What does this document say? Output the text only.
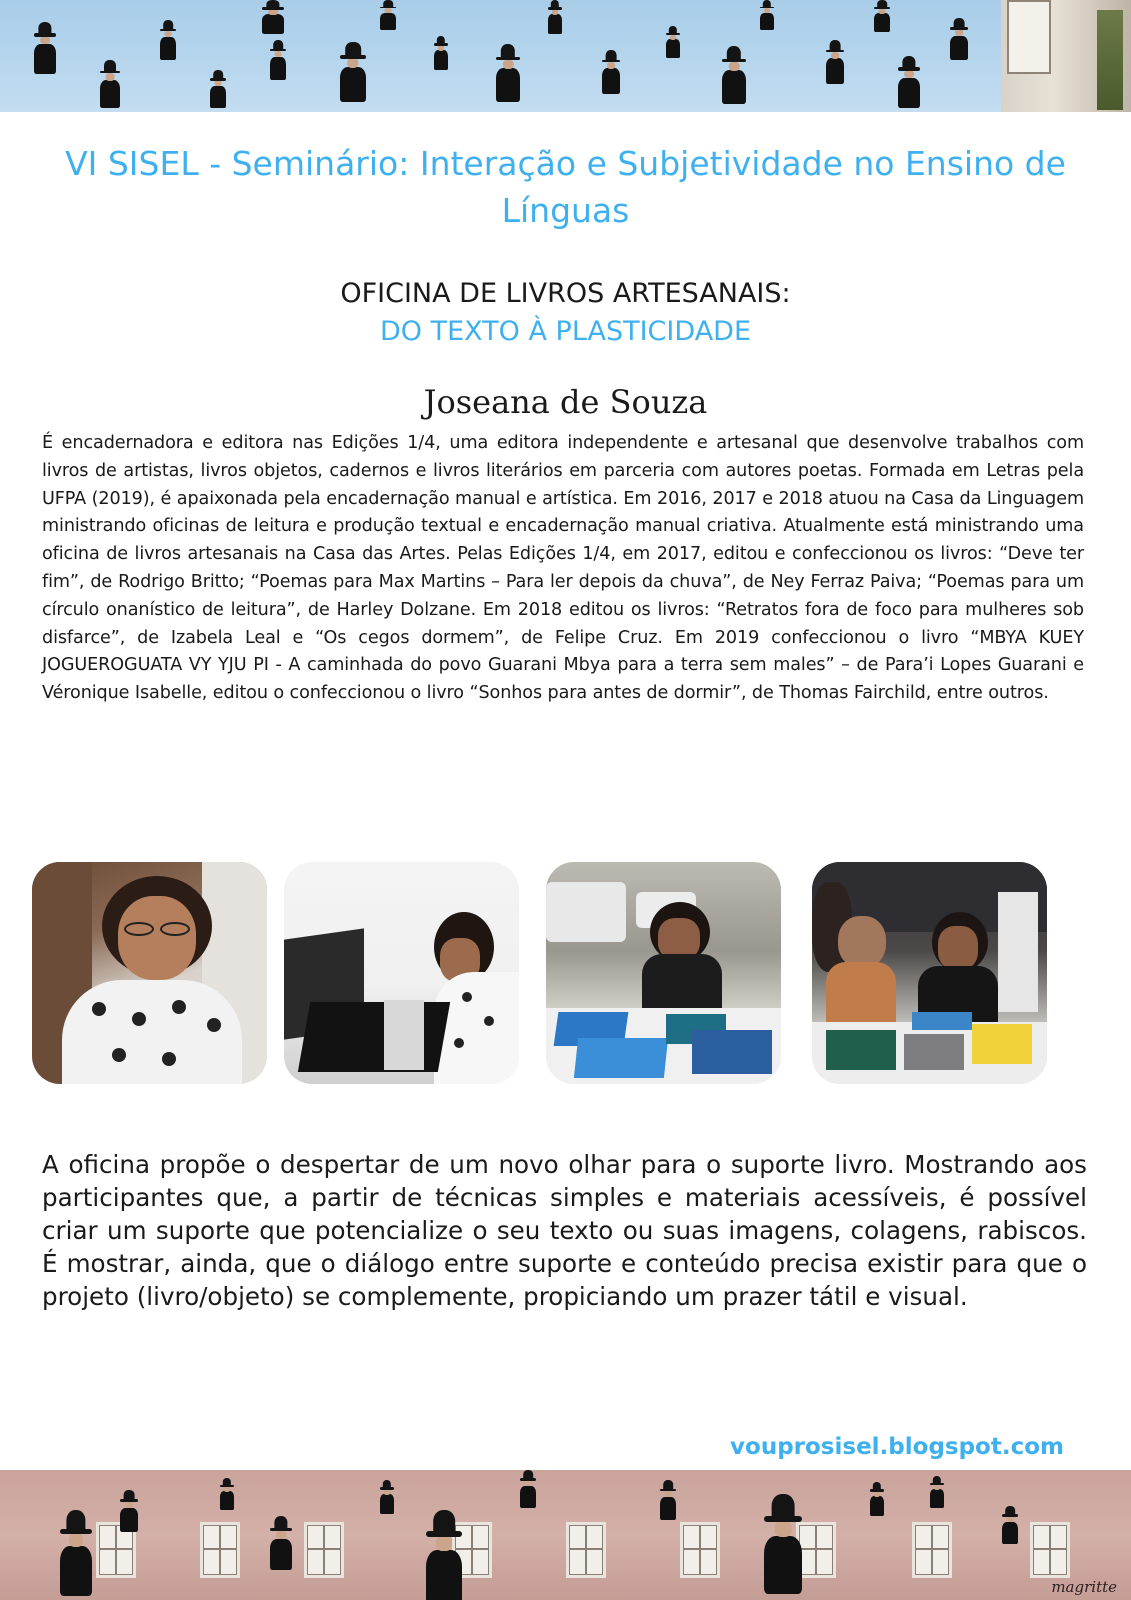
VI SISEL - Seminário: Interação e Subjetividade no Ensino de Línguas
OFICINA DE LIVROS ARTESANAIS:
DO TEXTO À PLASTICIDADE
Joseana de Souza
É encadernadora e editora nas Edições 1/4, uma editora independente e artesanal que desenvolve trabalhos com livros de artistas, livros objetos, cadernos e livros literários em parceria com autores poetas. Formada em Letras pela UFPA (2019), é apaixonada pela encadernação manual e artística. Em 2016, 2017 e 2018 atuou na Casa da Linguagem ministrando oficinas de leitura e produção textual e encadernação manual criativa. Atualmente está ministrando uma oficina de livros artesanais na Casa das Artes. Pelas Edições 1/4, em 2017, editou e confeccionou os livros: “Deve ter fim”, de Rodrigo Britto; “Poemas para Max Martins – Para ler depois da chuva”, de Ney Ferraz Paiva; “Poemas para um círculo onanístico de leitura”, de Harley Dolzane. Em 2018 editou os livros: “Retratos fora de foco para mulheres sob disfarce”, de Izabela Leal e “Os cegos dormem”, de Felipe Cruz. Em 2019 confeccionou o livro “MBYA KUEY JOGUEROGUATA VY YJU PI - A caminhada do povo Guarani Mbya para a terra sem males” – de Para’i Lopes Guarani e Véronique Isabelle, editou o confeccionou o livro “Sonhos para antes de dormir”, de Thomas Fairchild, entre outros.
A oficina propõe o despertar de um novo olhar para o suporte livro. Mostrando aos participantes que, a partir de técnicas simples e materiais acessíveis, é possível criar um suporte que potencialize o seu texto ou suas imagens, colagens, rabiscos. É mostrar, ainda, que o diálogo entre suporte e conteúdo precisa existir para que o projeto (livro/objeto) se complemente, propiciando um prazer tátil e visual.
vouprosisel.blogspot.com
magritte
